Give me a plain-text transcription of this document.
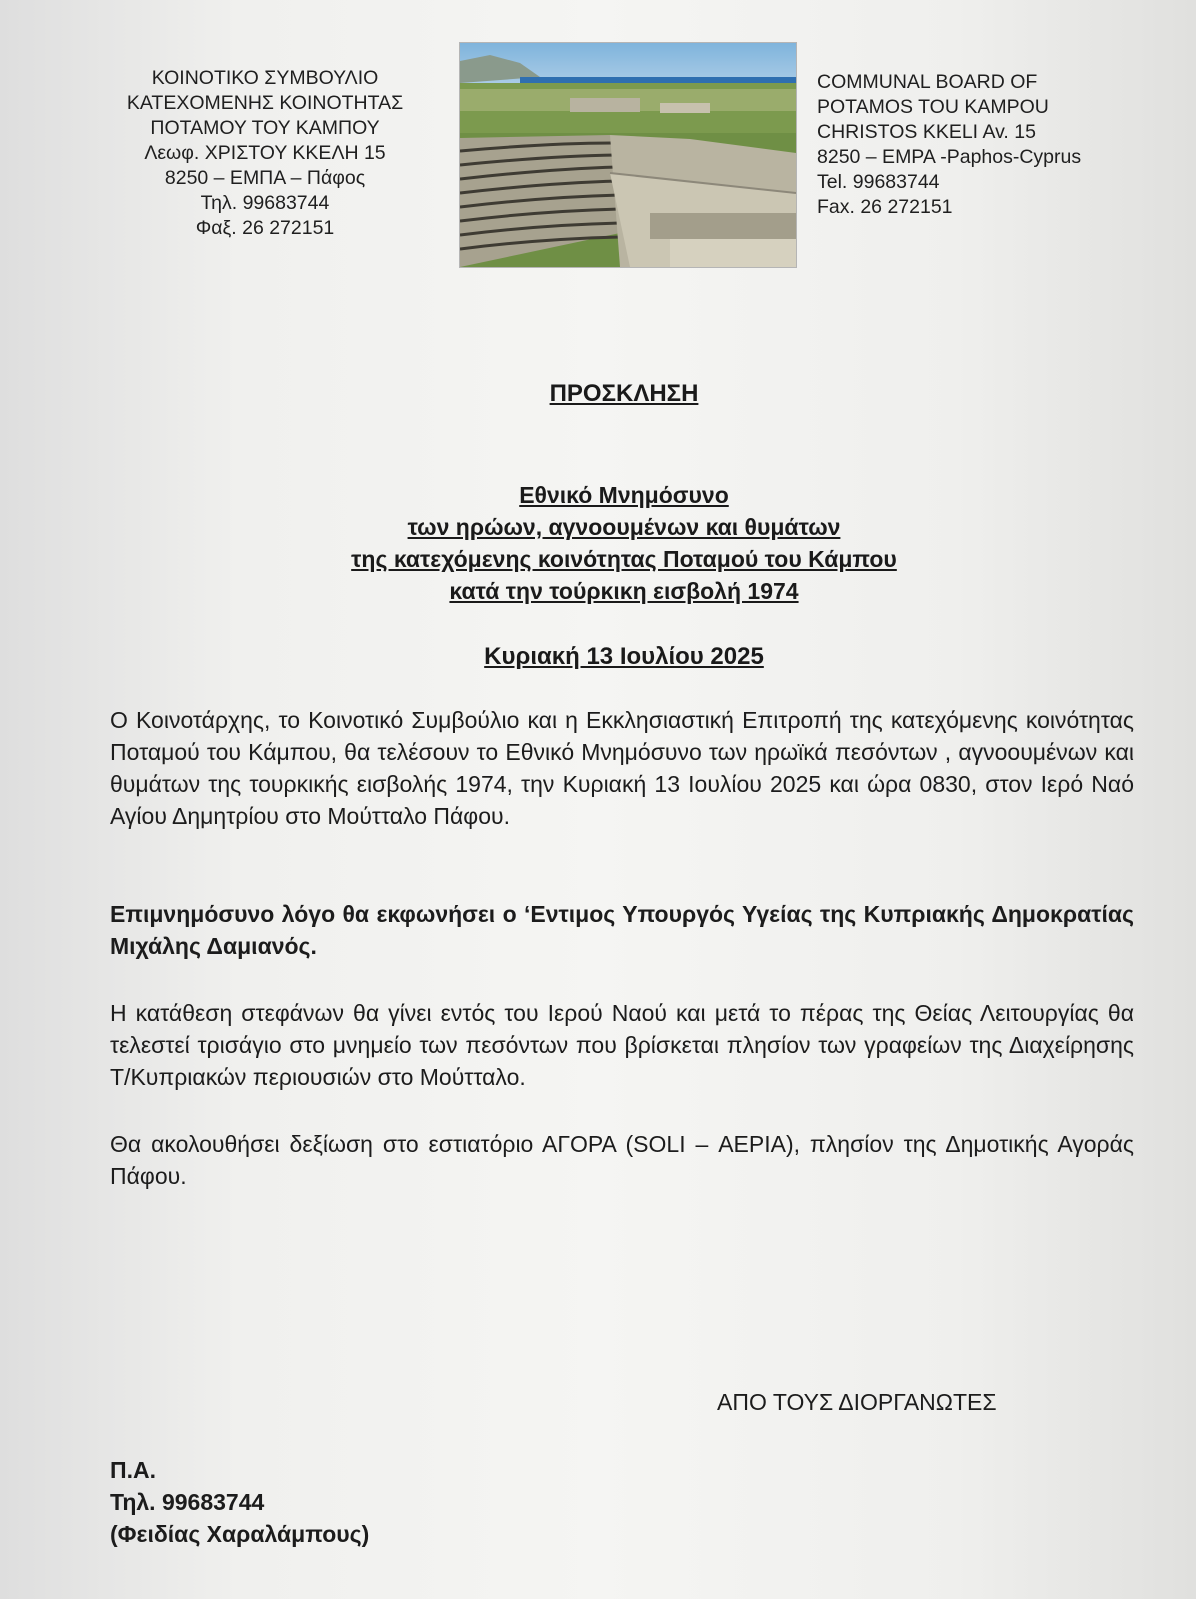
ΚΟΙΝΟΤΙΚΟ ΣΥΜΒΟΥΛΙΟ
ΚΑΤΕΧΟΜΕΝΗΣ ΚΟΙΝΟΤΗΤΑΣ
ΠΟΤΑΜΟΥ ΤΟΥ ΚΑΜΠΟΥ
Λεωφ. ΧΡΙΣΤΟΥ ΚΚΕΛΗ 15
8250 – ΕΜΠΑ – Πάφος
Τηλ. 99683744
Φαξ. 26 272151
COMMUNAL BOARD OF
POTAMOS TOU KAMPOU
CHRISTOS KKELI Av. 15
8250 – EMPA -Paphos-Cyprus
Tel. 99683744
Fax. 26 272151
ΠΡΟΣΚΛΗΣΗ
Εθνικό Μνημόσυνο
των ηρώων, αγνοουμένων και θυμάτων
της κατεχόμενης κοινότητας Ποταμού του Κάμπου
κατά την τούρκικη εισβολή 1974
Κυριακή 13 Ιουλίου 2025

Ο Κοινοτάρχης, το Κοινοτικό Συμβούλιο και η Εκκλησιαστική Επιτροπή της κατεχόμενης κοινότητας Ποταμού του Κάμπου, θα τελέσουν το Εθνικό Μνημόσυνο των ηρωϊκά πεσόντων , αγνοουμένων και θυμάτων της τουρκικής εισβολής 1974, την Κυριακή 13 Ιουλίου 2025 και ώρα 0830, στον Ιερό Ναό Αγίου Δημητρίου στο Μούτταλο Πάφου.

Επιμνημόσυνο λόγο θα εκφωνήσει ο ‘Εντιμος Υπουργός Υγείας της Κυπριακής Δημοκρατίας Μιχάλης Δαμιανός.

Η κατάθεση στεφάνων θα γίνει εντός του Ιερού Ναού και μετά το πέρας της Θείας Λειτουργίας θα τελεστεί τρισάγιο στο μνημείο των πεσόντων που βρίσκεται πλησίον των γραφείων της Διαχείρησης Τ/Κυπριακών περιουσιών στο Μούτταλο.

Θα ακολουθήσει δεξίωση στο εστιατόριο ΑΓΟΡΑ (SOLI – ΑΕΡΙΑ), πλησίον της Δημοτικής Αγοράς Πάφου.

ΑΠΟ ΤΟΥΣ ΔΙΟΡΓΑΝΩΤΕΣ
Π.Α.
Τηλ. 99683744
(Φειδίας Χαραλάμπους)
